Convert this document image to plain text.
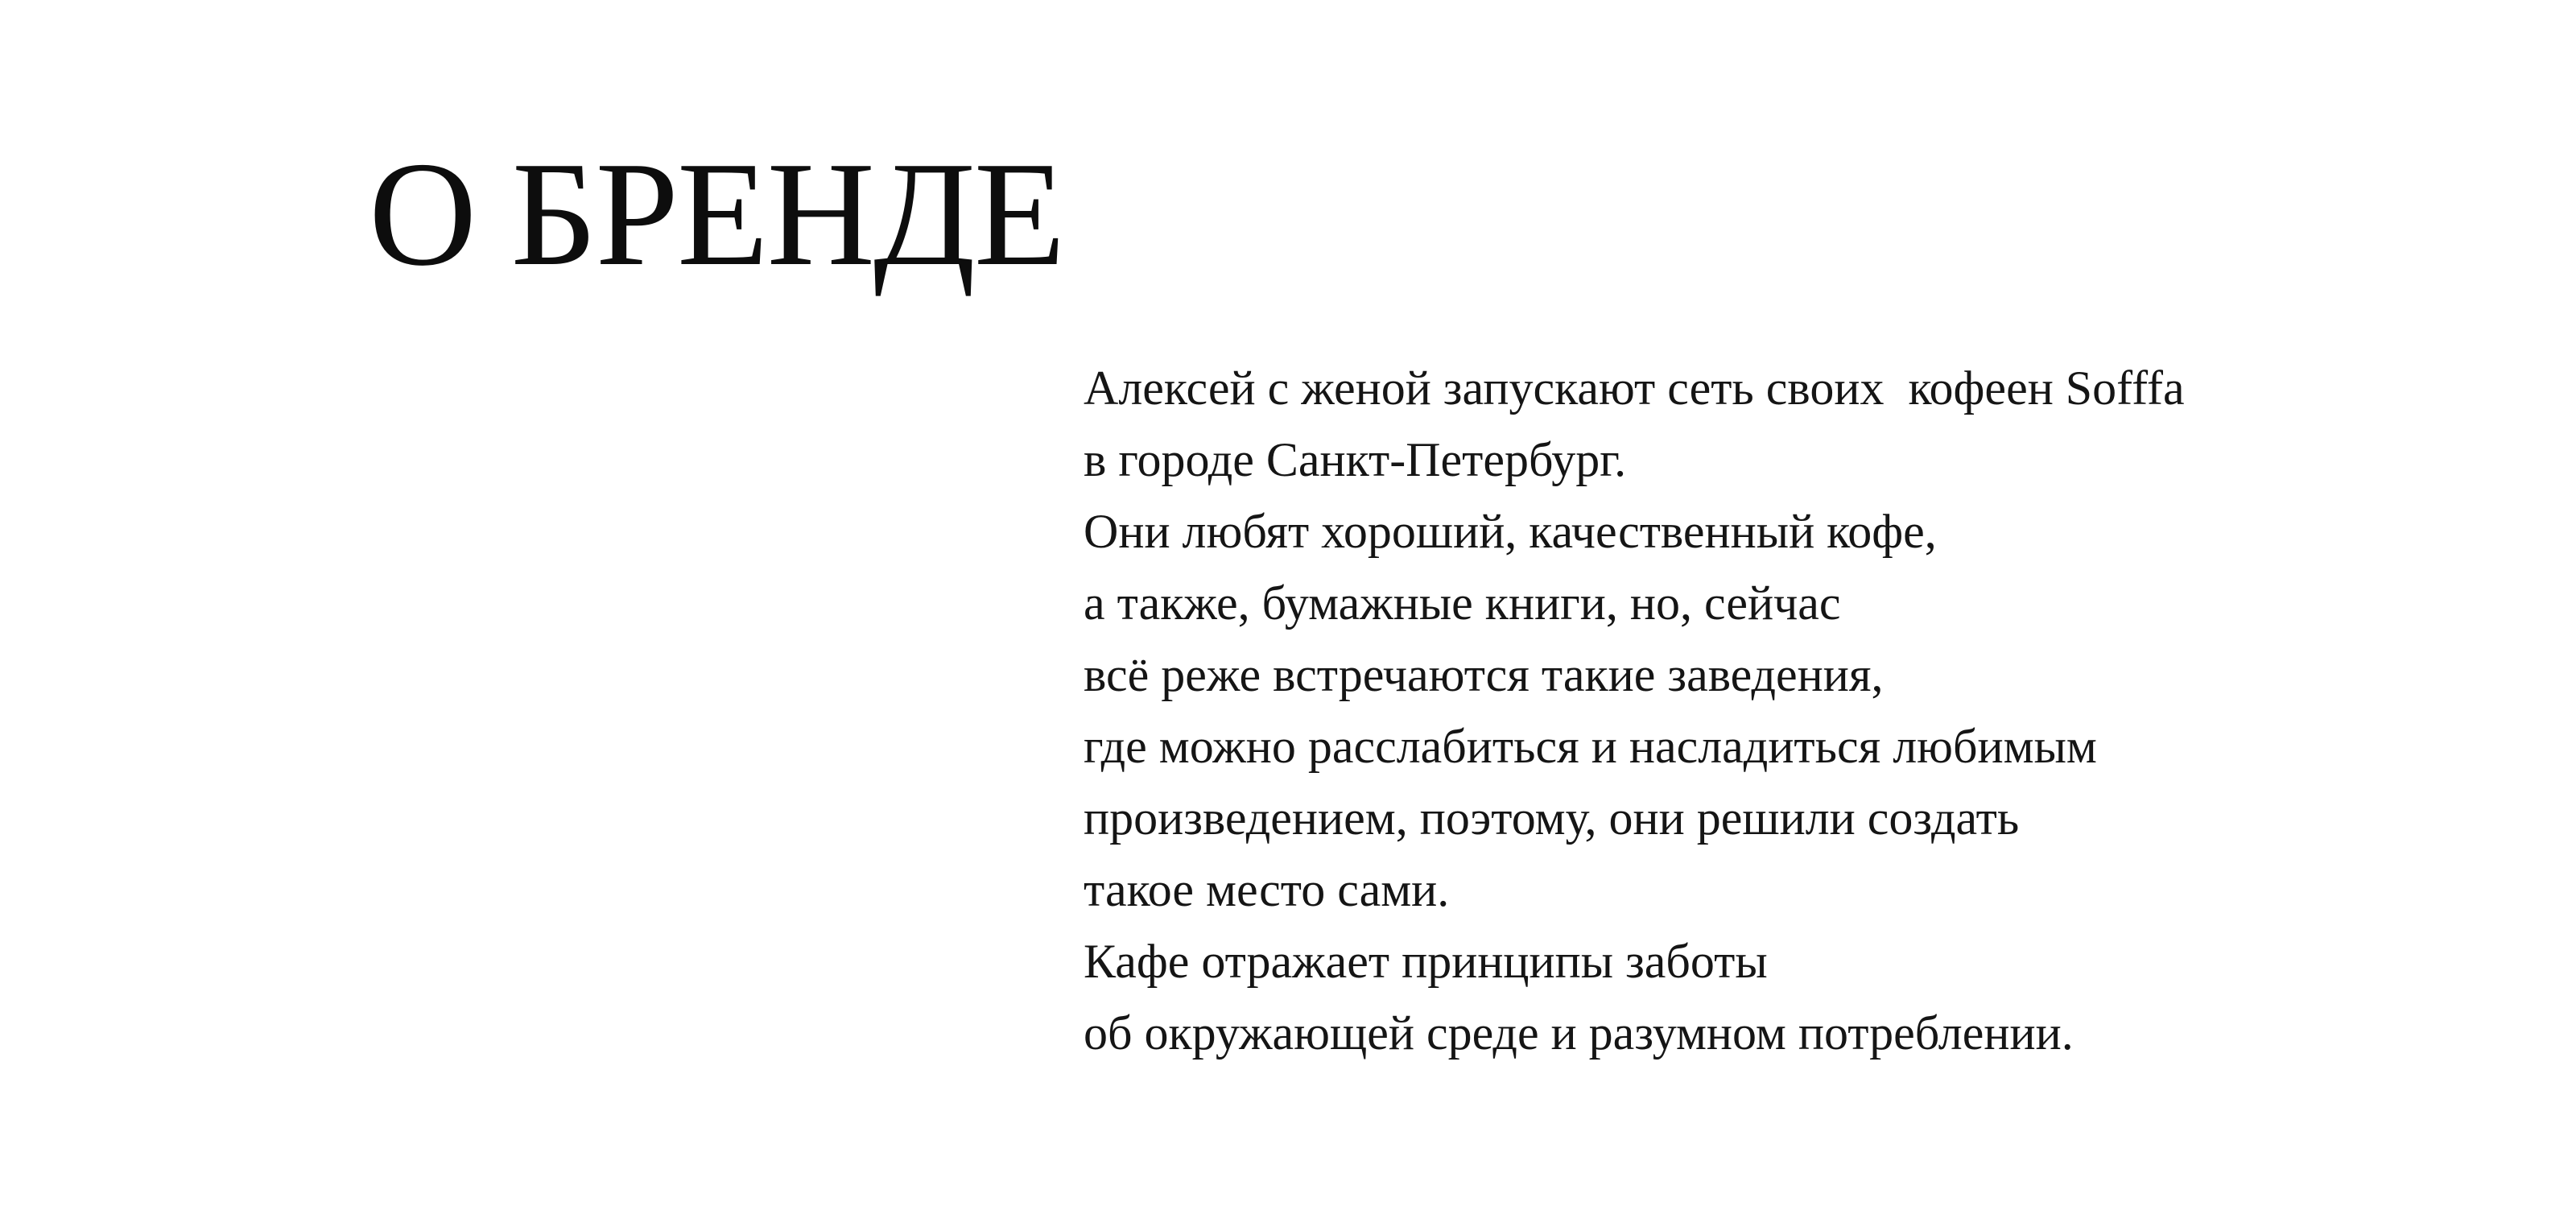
О БРЕНДЕ
Алексей с женой запускают сеть своих  кофеен Sofffa
в городе Санкт-Петербург.
Они любят хороший, качественный кофе,
а также, бумажные книги, но, сейчас
всё реже встречаются такие заведения,
где можно расслабиться и насладиться любимым
произведением, поэтому, они решили создать
такое место сами.
Кафе отражает принципы заботы
об окружающей среде и разумном потреблении.
